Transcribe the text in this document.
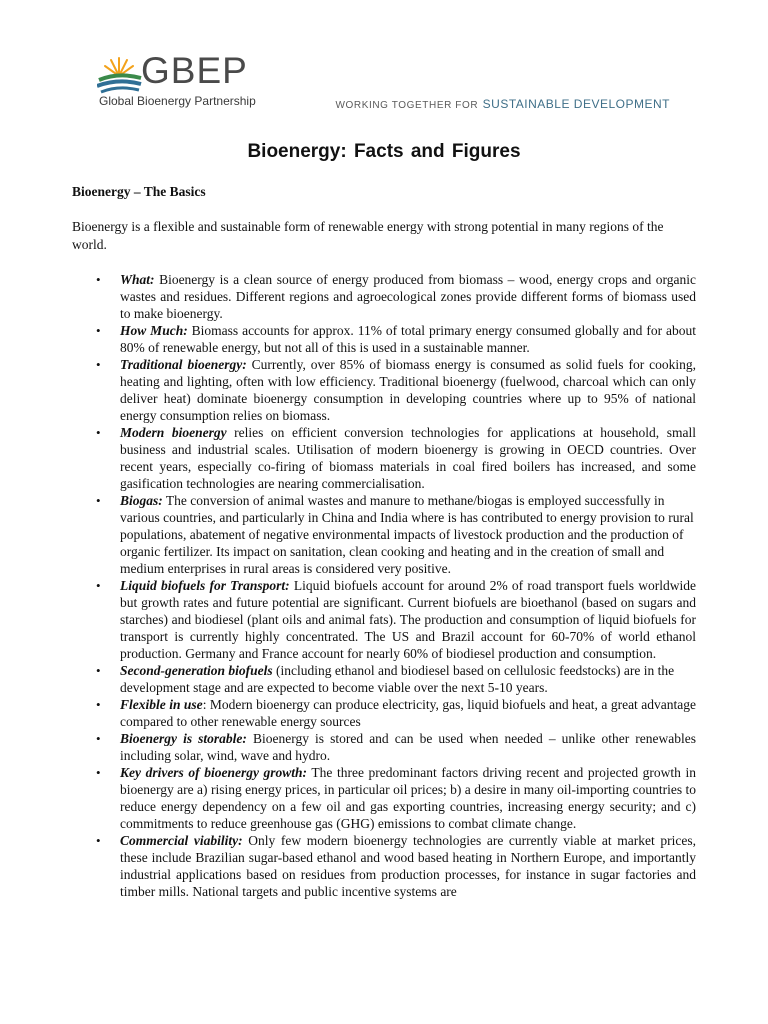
GBEP
Global Bioenergy Partnership	WORKING TOGETHER FOR SUSTAINABLE DEVELOPMENT
Bioenergy: Facts and Figures
Bioenergy – The Basics

Bioenergy is a flexible and sustainable form of renewable energy with strong potential in many regions of the world.

• What: Bioenergy is a clean source of energy produced from biomass – wood, energy crops and organic wastes and residues. Different regions and agroecological zones provide different forms of biomass used to make bioenergy.
• How Much: Biomass accounts for approx. 11% of total primary energy consumed globally and for about 80% of renewable energy, but not all of this is used in a sustainable manner.
• Traditional bioenergy: Currently, over 85% of biomass energy is consumed as solid fuels for cooking, heating and lighting, often with low efficiency. Traditional bioenergy (fuelwood, charcoal which can only deliver heat) dominate bioenergy consumption in developing countries where up to 95% of national energy consumption relies on biomass.
• Modern bioenergy relies on efficient conversion technologies for applications at household, small business and industrial scales. Utilisation of modern bioenergy is growing in OECD countries. Over recent years, especially co-firing of biomass materials in coal fired boilers has increased, and some gasification technologies are nearing commercialisation.
• Biogas: The conversion of animal wastes and manure to methane/biogas is employed successfully in various countries, and particularly in China and India where is has contributed to energy provision to rural populations, abatement of negative environmental impacts of livestock production and the production of organic fertilizer. Its impact on sanitation, clean cooking and heating and in the creation of small and medium enterprises in rural areas is considered very positive.
• Liquid biofuels for Transport: Liquid biofuels account for around 2% of road transport fuels worldwide but growth rates and future potential are significant. Current biofuels are bioethanol (based on sugars and starches) and biodiesel (plant oils and animal fats). The production and consumption of liquid biofuels for transport is currently highly concentrated. The US and Brazil account for 60-70% of world ethanol production. Germany and France account for nearly 60% of biodiesel production and consumption.
• Second-generation biofuels (including ethanol and biodiesel based on cellulosic feedstocks) are in the development stage and are expected to become viable over the next 5-10 years.
• Flexible in use: Modern bioenergy can produce electricity, gas, liquid biofuels and heat, a great advantage compared to other renewable energy sources
• Bioenergy is storable: Bioenergy is stored and can be used when needed – unlike other renewables including solar, wind, wave and hydro.
• Key drivers of bioenergy growth: The three predominant factors driving recent and projected growth in bioenergy are a) rising energy prices, in particular oil prices; b) a desire in many oil-importing countries to reduce energy dependency on a few oil and gas exporting countries, increasing energy security; and c) commitments to reduce greenhouse gas (GHG) emissions to combat climate change.
• Commercial viability: Only few modern bioenergy technologies are currently viable at market prices, these include Brazilian sugar-based ethanol and wood based heating in Northern Europe, and importantly industrial applications based on residues from production processes, for instance in sugar factories and timber mills. National targets and public incentive systems are
